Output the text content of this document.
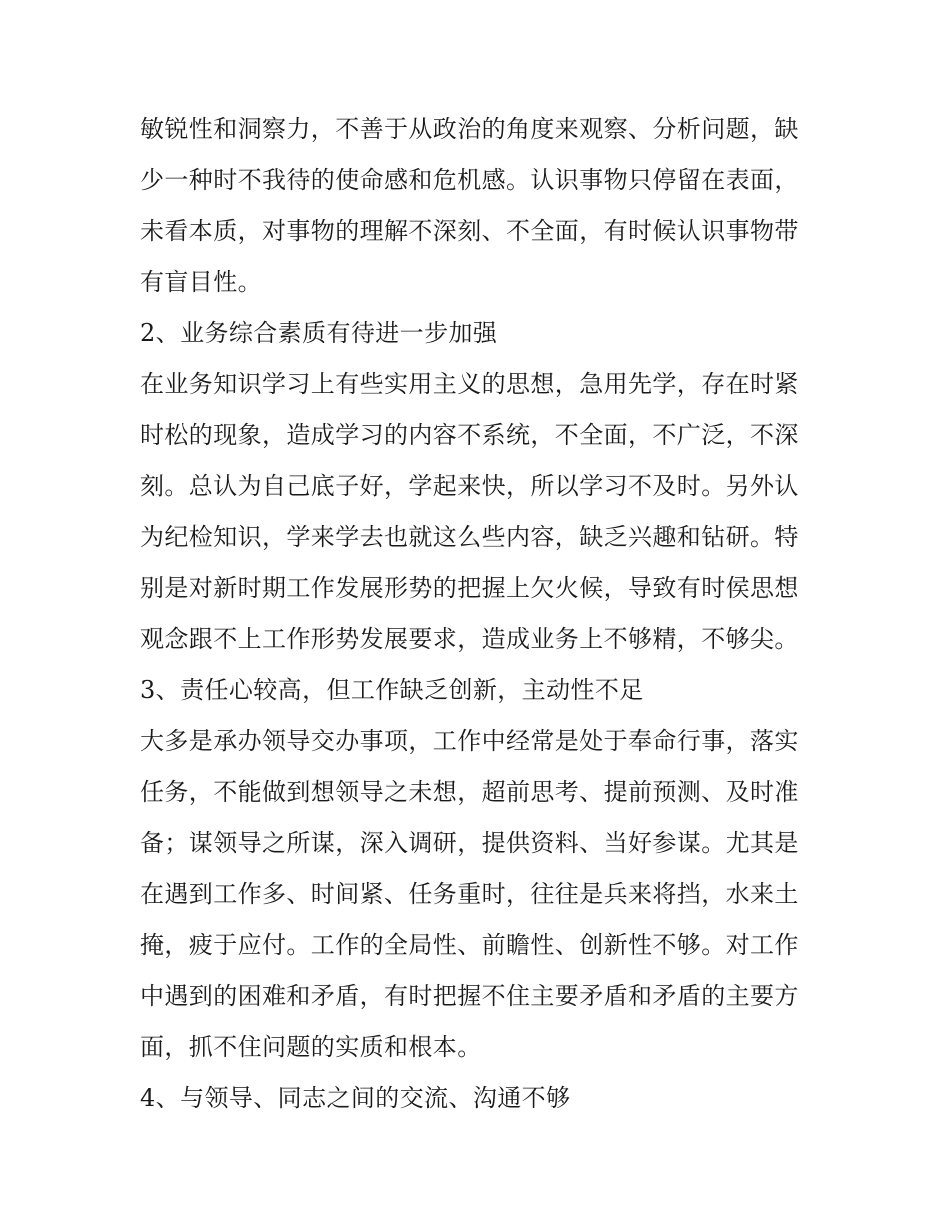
敏锐性和洞察力，不善于从政治的角度来观察、分析问题，缺
少一种时不我待的使命感和危机感。认识事物只停留在表面，
未看本质，对事物的理解不深刻、不全面，有时候认识事物带
有盲目性。
2、业务综合素质有待进一步加强
在业务知识学习上有些实用主义的思想，急用先学，存在时紧
时松的现象，造成学习的内容不系统，不全面，不广泛，不深
刻。总认为自己底子好，学起来快，所以学习不及时。另外认
为纪检知识，学来学去也就这么些内容，缺乏兴趣和钻研。特
别是对新时期工作发展形势的把握上欠火候，导致有时侯思想
观念跟不上工作形势发展要求，造成业务上不够精，不够尖。
3、责任心较高，但工作缺乏创新，主动性不足
大多是承办领导交办事项，工作中经常是处于奉命行事，落实
任务，不能做到想领导之未想，超前思考、提前预测、及时准
备；谋领导之所谋，深入调研，提供资料、当好参谋。尤其是
在遇到工作多、时间紧、任务重时，往往是兵来将挡，水来土
掩，疲于应付。工作的全局性、前瞻性、创新性不够。对工作
中遇到的困难和矛盾，有时把握不住主要矛盾和矛盾的主要方
面，抓不住问题的实质和根本。
4、与领导、同志之间的交流、沟通不够
